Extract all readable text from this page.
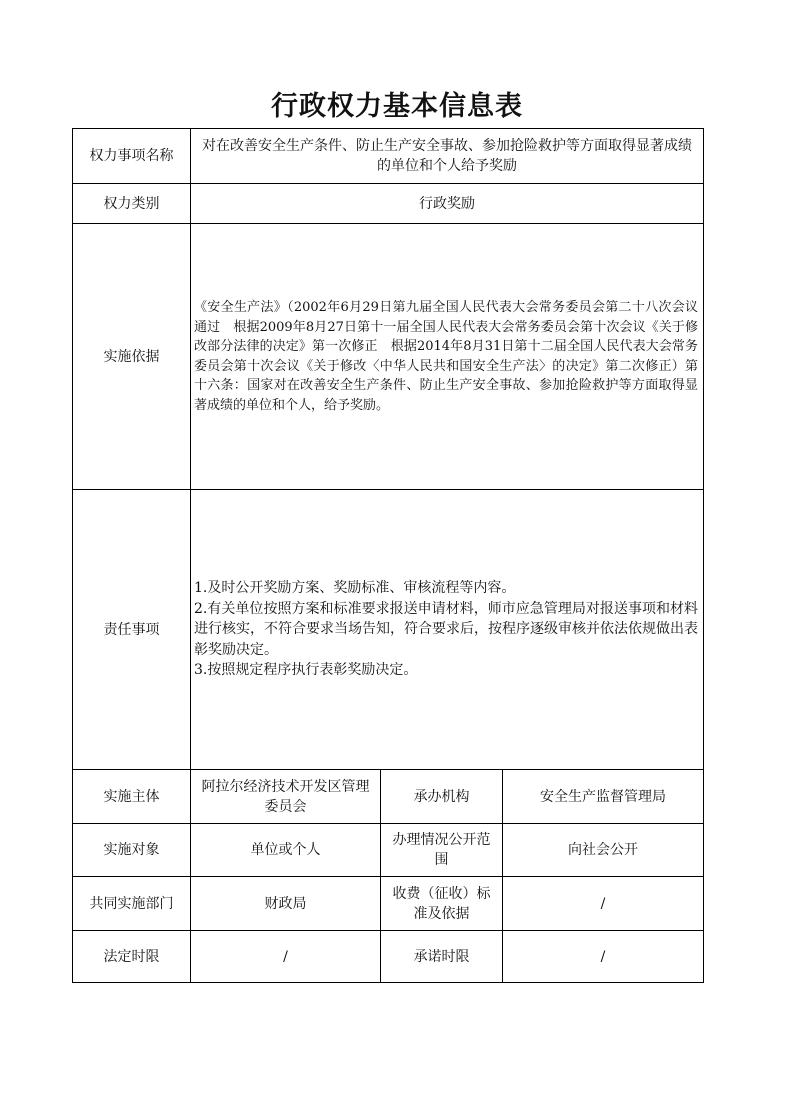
行政权力基本信息表
权力事项名称	对在改善安全生产条件、防止生产安全事故、参加抢险救护等方面取得显著成绩的单位和个人给予奖励		
权力类别	行政奖励		
实施依据	《安全生产法》（2002年6月29日第九届全国人民代表大会常务委员会第二十八次会议通过　根据2009年8月27日第十一届全国人民代表大会常务委员会第十次会议《关于修改部分法律的决定》第一次修正　根据2014年8月31日第十二届全国人民代表大会常务委员会第十次会议《关于修改〈中华人民共和国安全生产法〉的决定》第二次修正）第十六条：国家对在改善安全生产条件、防止生产安全事故、参加抢险救护等方面取得显著成绩的单位和个人，给予奖励。		
责任事项	1.及时公开奖励方案、奖励标准、审核流程等内容。
2.有关单位按照方案和标准要求报送申请材料，师市应急管理局对报送事项和材料进行核实，不符合要求当场告知，符合要求后，按程序逐级审核并依法依规做出表彰奖励决定。
3.按照规定程序执行表彰奖励决定。		

实施主体	阿拉尔经济技术开发区管理委员会	承办机构	安全生产监督管理局
实施对象	单位或个人	办理情况公开范围	向社会公开
共同实施部门	财政局	收费（征收）标准及依据	/
法定时限	/	承诺时限	/
